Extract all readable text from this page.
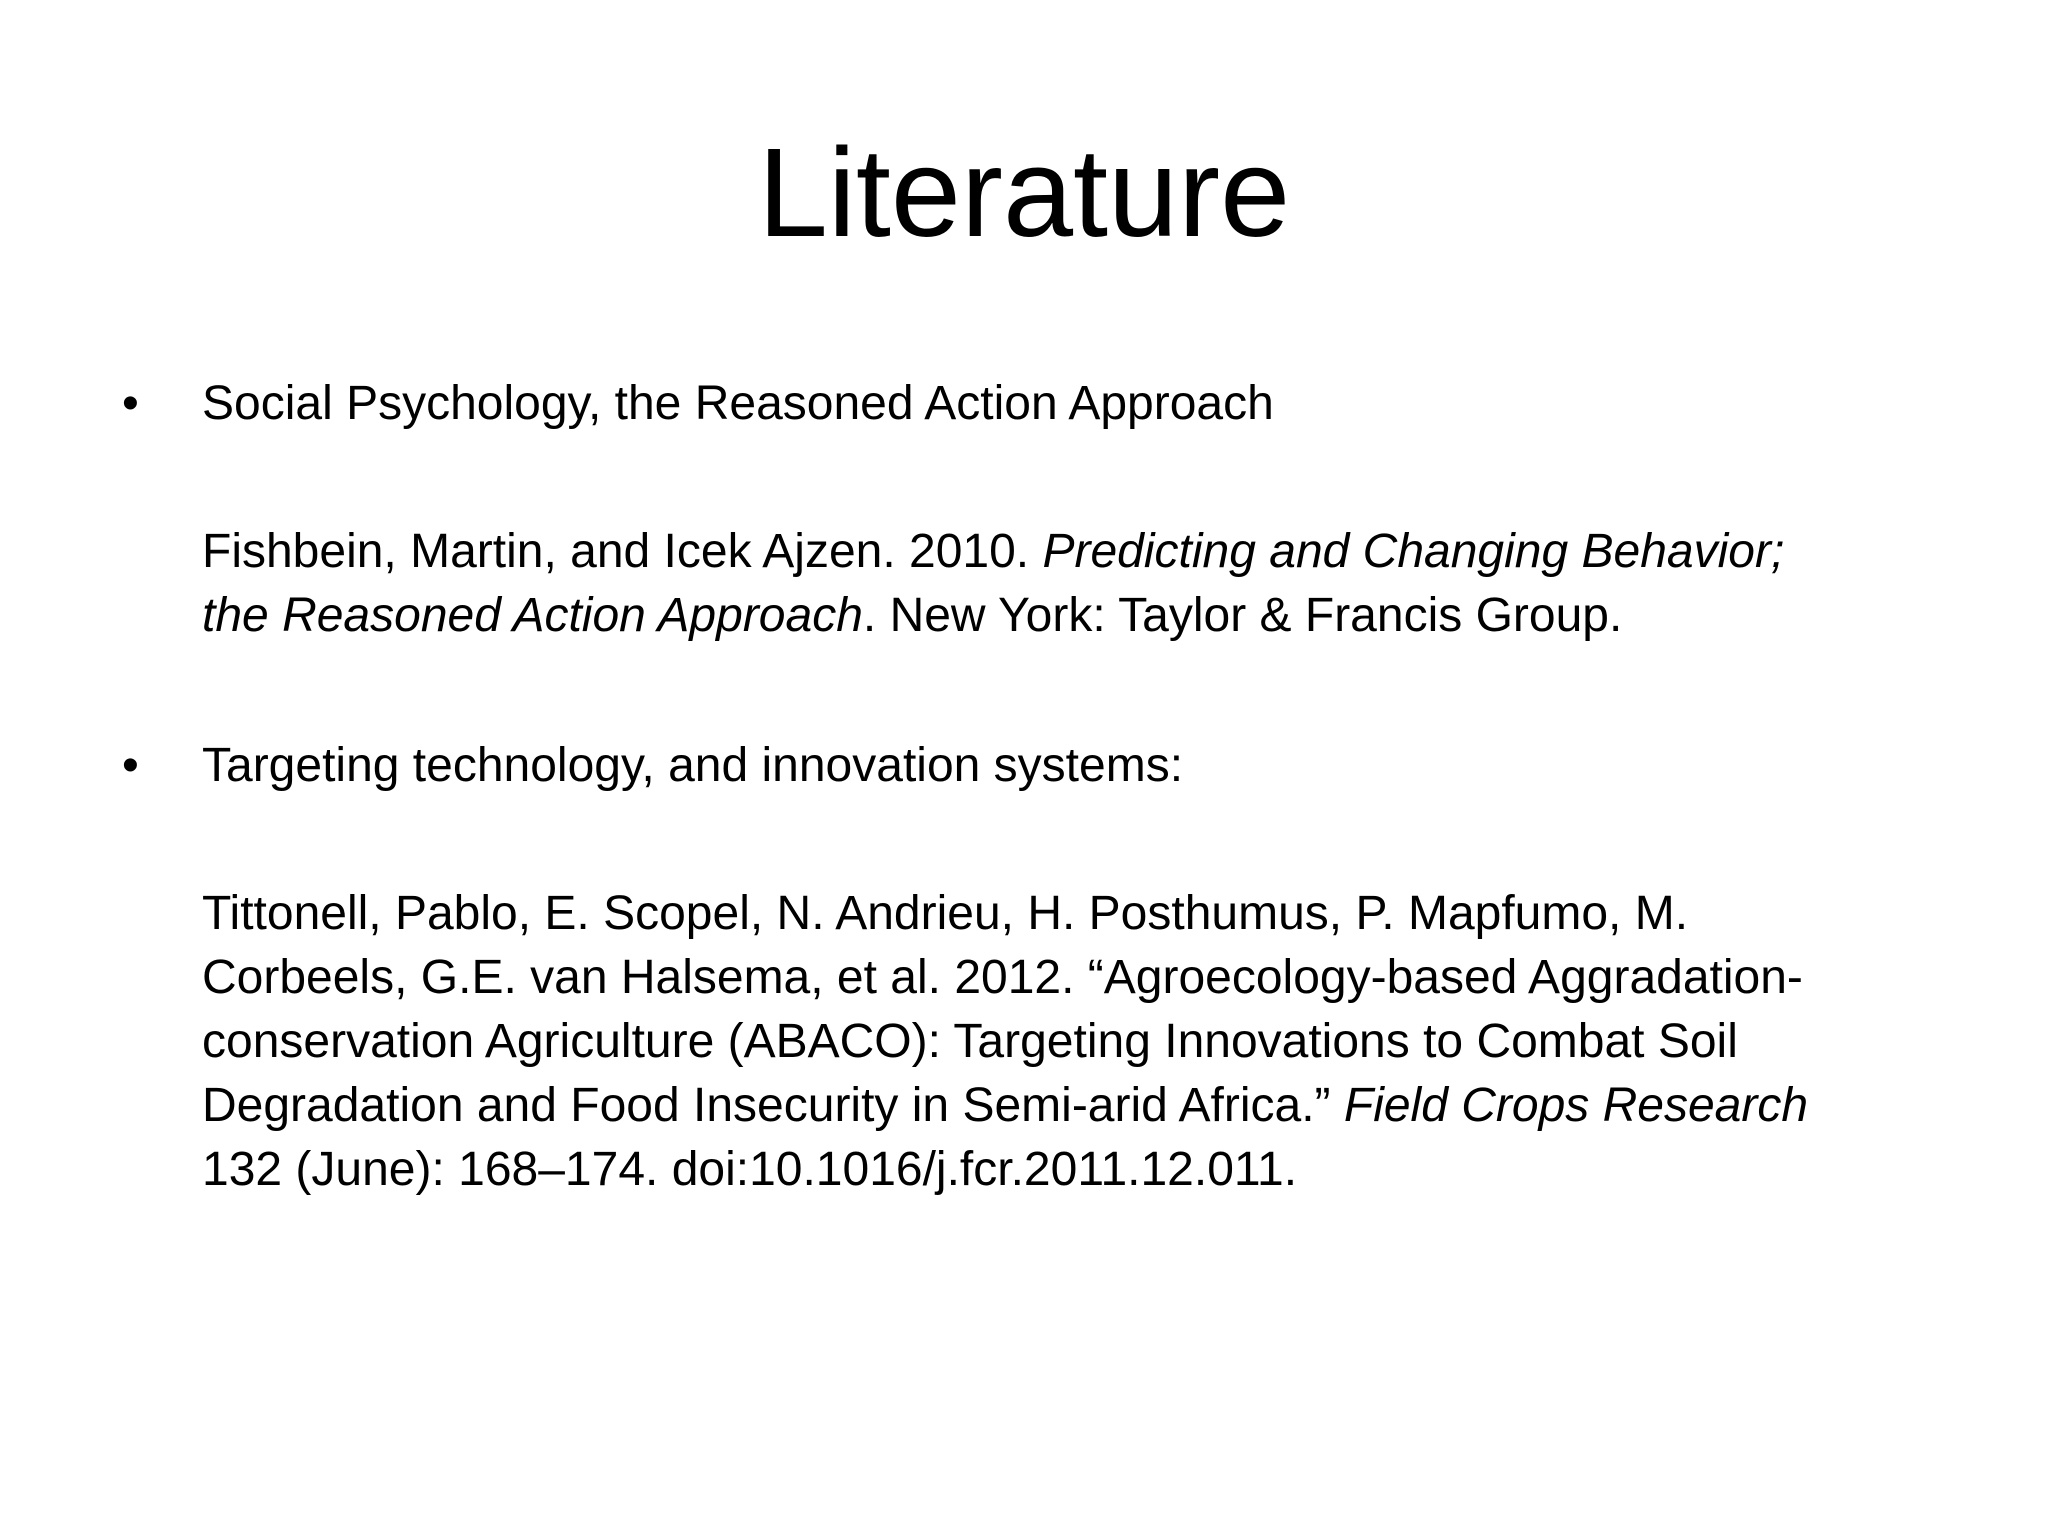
Literature
• Social Psychology, the Reasoned Action Approach
Fishbein, Martin, and Icek Ajzen. 2010. Predicting and Changing Behavior;
the Reasoned Action Approach. New York: Taylor & Francis Group.
• Targeting technology, and innovation systems:
Tittonell, Pablo, E. Scopel, N. Andrieu, H. Posthumus, P. Mapfumo, M.
Corbeels, G.E. van Halsema, et al. 2012. “Agroecology-based Aggradation-
conservation Agriculture (ABACO): Targeting Innovations to Combat Soil
Degradation and Food Insecurity in Semi-arid Africa.” Field Crops Research
132 (June): 168–174. doi:10.1016/j.fcr.2011.12.011.
